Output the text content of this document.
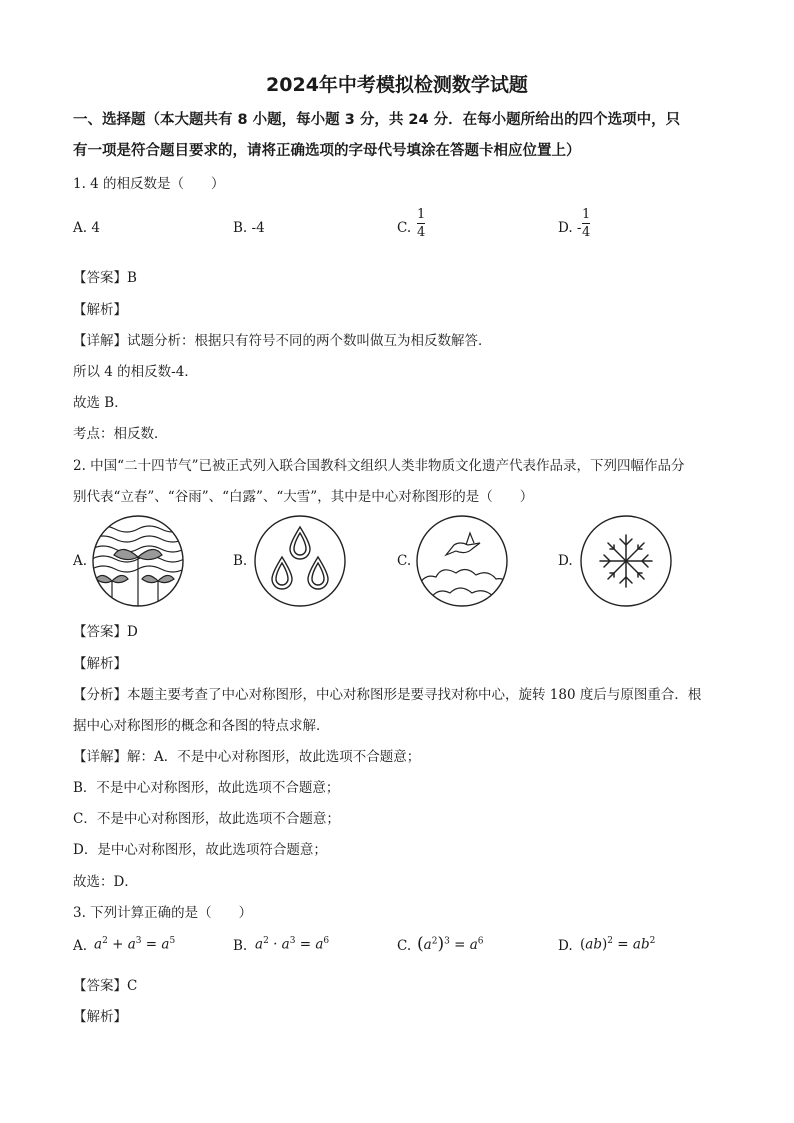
2024年中考模拟检测数学试题
一、选择题（本大题共有 8 小题，每小题 3 分，共 24 分．在每小题所给出的四个选项中，只
有一项是符合题目要求的，请将正确选项的字母代号填涂在答题卡相应位置上）
1. 4 的相反数是（　　）
A. 4	B. -4	C.
1
4	D. -
1
4
【答案】B
【解析】
【详解】试题分析：根据只有符号不同的两个数叫做互为相反数解答．
所以 4 的相反数-4．
故选 B．
考点：相反数．
2. 中国“二十四节气”已被正式列入联合国教科文组织人类非物质文化遗产代表作品录，下列四幅作品分
别代表“立春”、“谷雨”、“白露”、“大雪”，其中是中心对称图形的是（　　）
A.	B.	C.	D.
【答案】D
【解析】
【分析】本题主要考查了中心对称图形，中心对称图形是要寻找对称中心，旋转 180 度后与原图重合．根
据中心对称图形的概念和各图的特点求解．
【详解】解：A．不是中心对称图形，故此选项不合题意；
B．不是中心对称图形，故此选项不合题意；
C．不是中心对称图形，故此选项不合题意；
D．是中心对称图形，故此选项符合题意；
故选：D．
3. 下列计算正确的是（　　）
A. $a^2 + a^3 = a^5$	B. $a^2 \cdot a^3 = a^6$	C. $(a^2)^3 = a^6$	D. $(ab)^2 = ab^2$
【答案】C
【解析】
